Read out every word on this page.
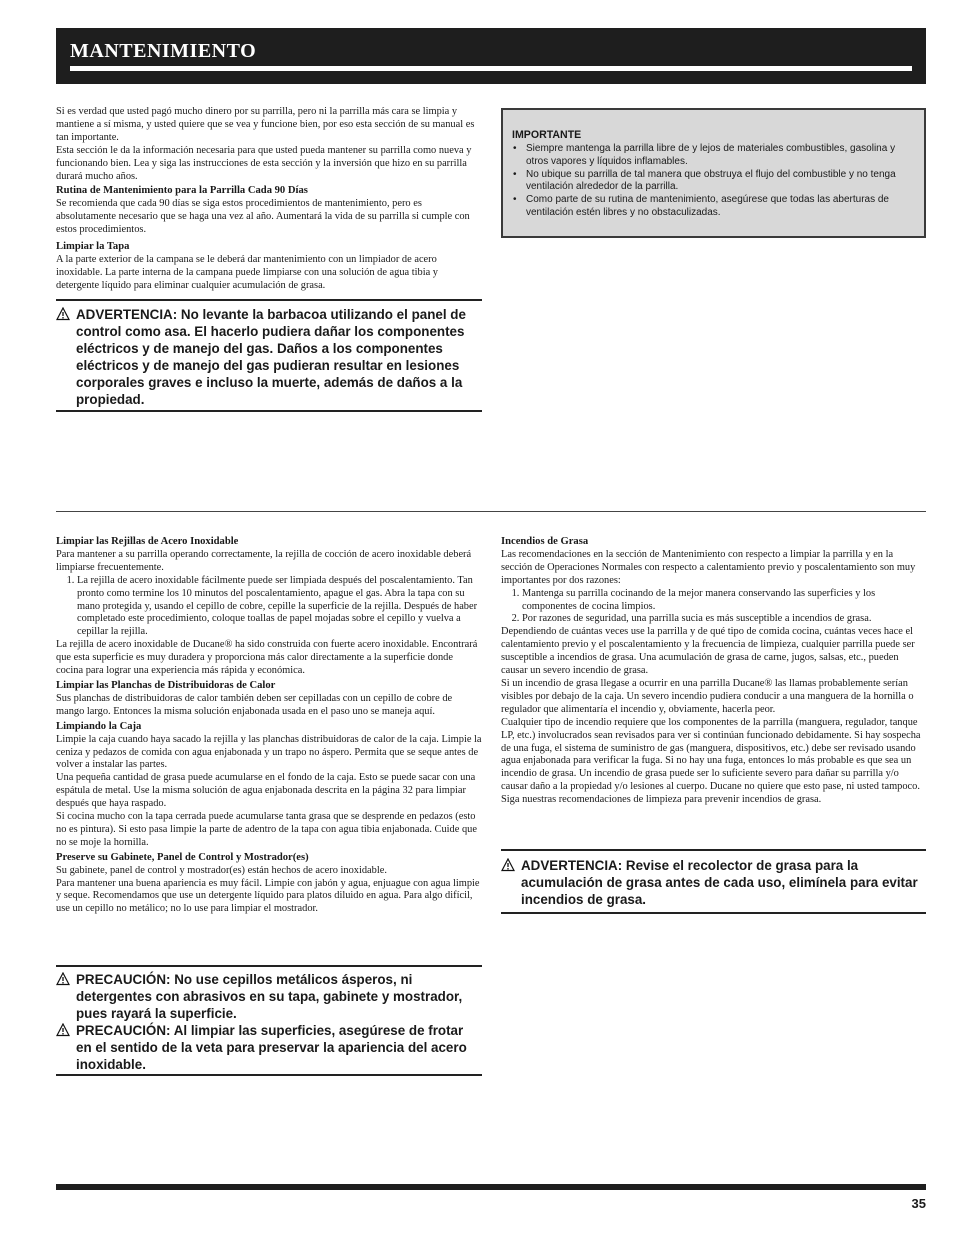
MANTENIMIENTO

Si es verdad que usted pagó mucho dinero por su parrilla, pero ni la parrilla más cara se limpia y mantiene a sí misma, y usted quiere que se vea y funcione bien, por eso esta sección de su manual es tan importante.

Esta sección le da la información necesaria para que usted pueda mantener su parrilla como nueva y funcionando bien. Lea y siga las instrucciones de esta sección y la inversión que hizo en su parrilla durará mucho años.

Rutina de Mantenimiento para la Parrilla Cada 90 Días

Se recomienda que cada 90 días se siga estos procedimientos de mantenimiento, pero es absolutamente necesario que se haga una vez al año. Aumentará la vida de su parrilla si cumple con estos procedimientos.

Limpiar la Tapa

A la parte exterior de la campana se le deberá dar mantenimiento con un limpiador de acero inoxidable. La parte interna de la campana puede limpiarse con una solución de agua tibia y detergente líquido para eliminar cualquier acumulación de grasa.

ADVERTENCIA: No levante la barbacoa utilizando el panel de control como asa. El hacerlo pudiera dañar los componentes eléctricos y de manejo del gas. Daños a los componentes eléctricos y de manejo del gas pudieran resultar en lesiones corporales graves e incluso la muerte, además de daños a la propiedad.
IMPORTANTE
• Siempre mantenga la parrilla libre de y lejos de materiales combustibles, gasolina y otros vapores y líquidos inflamables.
• No ubique su parrilla de tal manera que obstruya el flujo del combustible y no tenga ventilación alrededor de la parrilla.
• Como parte de su rutina de mantenimiento, asegúrese que todas las aberturas de ventilación estén libres y no obstaculizadas.
Limpiar las Rejillas de Acero Inoxidable

Para mantener a su parrilla operando correctamente, la rejilla de cocción de acero inoxidable deberá limpiarse frecuentemente.

1. La rejilla de acero inoxidable fácilmente puede ser limpiada después del poscalentamiento. Tan pronto como termine los 10 minutos del poscalentamiento, apague el gas. Abra la tapa con su mano protegida y, usando el cepillo de cobre, cepille la superficie de la rejilla. Después de haber completado este procedimiento, coloque toallas de papel mojadas sobre el cepillo y vuelva a cepillar la rejilla.

La rejilla de acero inoxidable de Ducane® ha sido construida con fuerte acero inoxidable. Encontrará que esta superficie es muy duradera y proporciona más calor directamente a la superficie donde cocina para lograr una experiencia más rápida y económica.

Limpiar las Planchas de Distribuidoras de Calor

Sus planchas de distribuidoras de calor también deben ser cepilladas con un cepillo de cobre de mango largo. Entonces la misma solución enjabonada usada en el paso uno se maneja aquí.

Limpiando la Caja

Limpie la caja cuando haya sacado la rejilla y las planchas distribuidoras de calor de la caja. Limpie la ceniza y pedazos de comida con agua enjabonada y un trapo no áspero. Permita que se seque antes de volver a instalar las partes.

Una pequeña cantidad de grasa puede acumularse en el fondo de la caja. Esto se puede sacar con una espátula de metal. Use la misma solución de agua enjabonada descrita en la página 32 para limpiar después que haya raspado.

Si cocina mucho con la tapa cerrada puede acumularse tanta grasa que se desprende en pedazos (esto no es pintura). Si esto pasa limpie la parte de adentro de la tapa con agua tibia enjabonada. Cuide que no se moje la hornilla.

Preserve su Gabinete, Panel de Control y Mostrador(es)

Su gabinete, panel de control y mostrador(es) están hechos de acero inoxidable.

Para mantener una buena apariencia es muy fácil. Limpie con jabón y agua, enjuague con agua limpie y seque. Recomendamos que use un detergente líquido para platos diluido en agua. Para algo difícil, use un cepillo no metálico; no lo use para limpiar el mostrador.

PRECAUCIÓN: No use cepillos metálicos ásperos, ni detergentes con abrasivos en su tapa, gabinete y mostrador, pues rayará la superficie.
PRECAUCIÓN: Al limpiar las superficies, asegúrese de frotar en el sentido de la veta para preservar la apariencia del acero inoxidable.
Incendios de Grasa

Las recomendaciones en la sección de Mantenimiento con respecto a limpiar la parrilla y en la sección de Operaciones Normales con respecto a calentamiento previo y poscalentamiento son muy importantes por dos razones:

1. Mantenga su parrilla cocinando de la mejor manera conservando las superficies y los componentes de cocina limpios.
2. Por razones de seguridad, una parrilla sucia es más susceptible a incendios de grasa.

Dependiendo de cuántas veces use la parrilla y de qué tipo de comida cocina, cuántas veces hace el calentamiento previo y el poscalentamiento y la frecuencia de limpieza, cualquier parrilla puede ser susceptible a incendios de grasa. Una acumulación de grasa de carne, jugos, salsas, etc., pueden causar un severo incendio de grasa.

Si un incendio de grasa llegase a ocurrir en una parrilla Ducane® las llamas probablemente serían visibles por debajo de la caja. Un severo incendio pudiera conducir a una manguera de la hornilla o regulador que alimentaría el incendio y, obviamente, hacerla peor.

Cualquier tipo de incendio requiere que los componentes de la parrilla (manguera, regulador, tanque LP, etc.) involucrados sean revisados para ver si continúan funcionado debidamente. Si hay sospecha de una fuga, el sistema de suministro de gas (manguera, dispositivos, etc.) debe ser revisado usando agua enjabonada para verificar la fuga. Si no hay una fuga, entonces lo más probable es que sea un incendio de grasa. Un incendio de grasa puede ser lo suficiente severo para dañar su parrilla y/o causar daño a la propiedad y/o lesiones al cuerpo. Ducane no quiere que esto pase, ni usted tampoco. Siga nuestras recomendaciones de limpieza para prevenir incendios de grasa.

ADVERTENCIA: Revise el recolector de grasa para la acumulación de grasa antes de cada uso, elimínela para evitar incendios de grasa.
35
